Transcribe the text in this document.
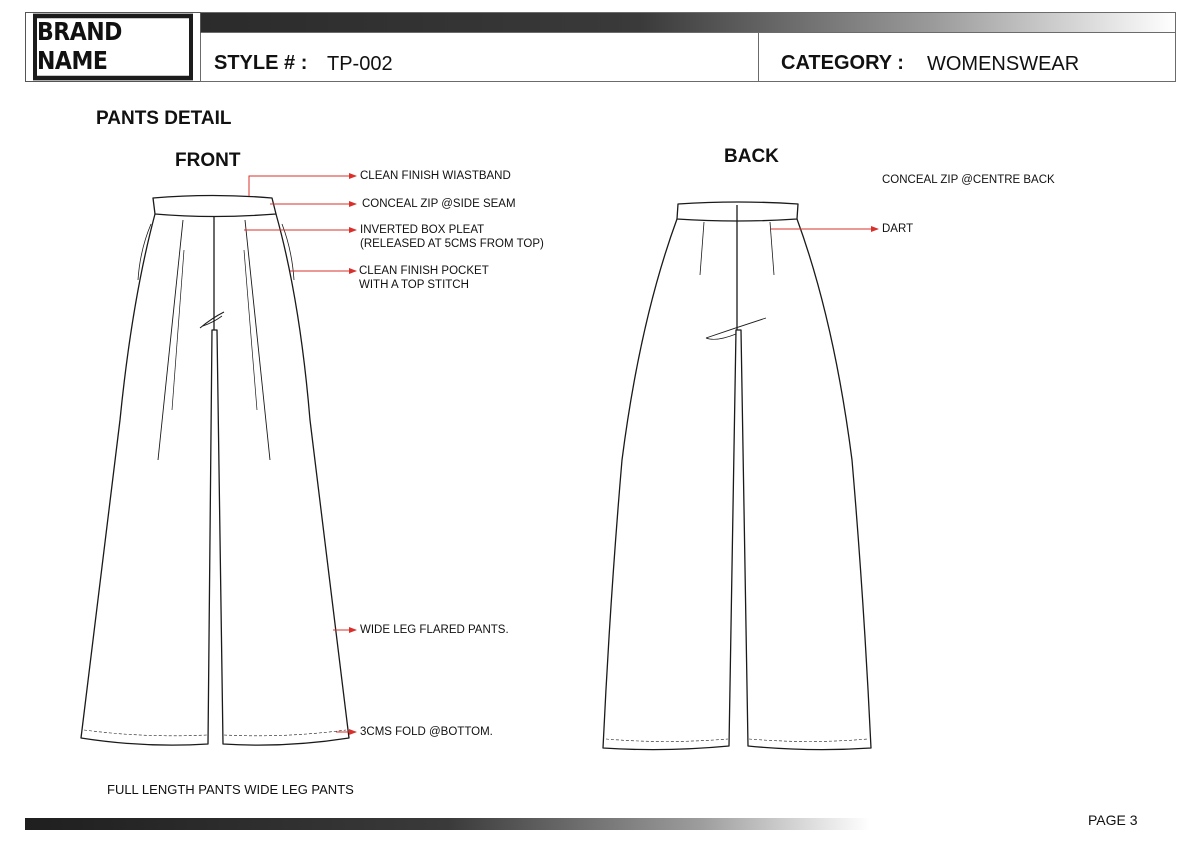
BRAND NAME	STYLE # : TP-002	CATEGORY : WOMENSWEAR
PANTS DETAIL
FRONT	BACK
CLEAN FINISH WIASTBAND
CONCEAL ZIP @SIDE SEAM
INVERTED BOX PLEAT
(RELEASED AT 5CMS FROM TOP)
CLEAN FINISH POCKET
WITH A TOP STITCH
WIDE LEG FLARED PANTS.
3CMS FOLD @BOTTOM.
CONCEAL ZIP @CENTRE BACK
DART
FULL LENGTH PANTS WIDE LEG PANTS
PAGE 3
